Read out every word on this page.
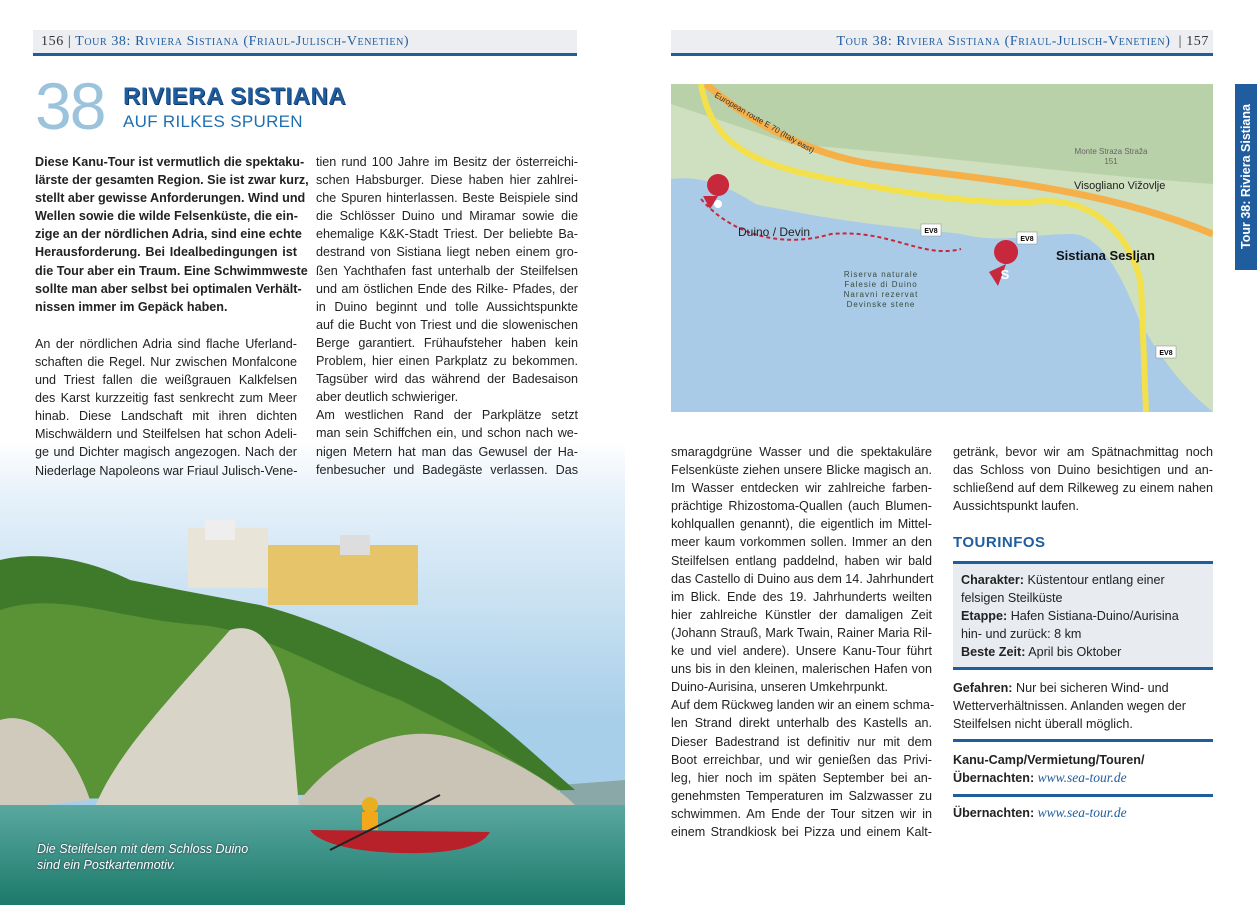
156 | Tour 38: Riviera Sistiana (Friaul-Julisch-Venetien)	Tour 38: Riviera Sistiana (Friaul-Julisch-Venetien)  | 157
38 RIVIERA SISTIANA
AUF RILKES SPUREN
Die Steilfelsen mit dem Schloss Duino
sind ein Postkartenmotiv.
Diese Kanu-Tour ist vermutlich die spektaku-
lärste der gesamten Region. Sie ist zwar kurz,
stellt aber gewisse Anforderungen. Wind und
Wellen sowie die wilde Felsenküste, die ein-
zige an der nördlichen Adria, sind eine echte
Herausforderung. Bei Idealbedingungen ist
die Tour aber ein Traum. Eine Schwimmweste
sollte man aber selbst bei optimalen Verhält-
nissen immer im Gepäck haben.
An der nördlichen Adria sind flache Uferland-
schaften die Regel. Nur zwischen Monfalcone
und Triest fallen die weißgrauen Kalkfelsen
des Karst kurzzeitig fast senkrecht zum Meer
hinab. Diese Landschaft mit ihren dichten
Mischwäldern und Steilfelsen hat schon Adeli-
ge und Dichter magisch angezogen. Nach der
Niederlage Napoleons war Friaul Julisch-Vene-
tien rund 100 Jahre im Besitz der österreichi-
schen Habsburger. Diese haben hier zahlrei-
che Spuren hinterlassen. Beste Beispiele sind
die Schlösser Duino und Miramar sowie die
ehemalige K&K-Stadt Triest. Der beliebte Ba-
destrand von Sistiana liegt neben einem gro-
ßen Yachthafen fast unterhalb der Steilfelsen
und am östlichen Ende des Rilke- Pfades, der
in Duino beginnt und tolle Aussichtspunkte
auf die Bucht von Triest und die slowenischen
Berge garantiert. Frühaufsteher haben kein
Problem, hier einen Parkplatz zu bekommen.
Tagsüber wird das während der Badesaison
aber deutlich schwieriger.
Am westlichen Rand der Parkplätze setzt
man sein Schiffchen ein, und schon nach we-
nigen Metern hat man das Gewusel der Ha-
fenbesucher und Badegäste verlassen. Das
smaragdgrüne Wasser und die spektakuläre
Felsenküste ziehen unsere Blicke magisch an.
Im Wasser entdecken wir zahlreiche farben-
prächtige Rhizostoma-Quallen (auch Blumen-
kohlquallen genannt), die eigentlich im Mittel-
meer kaum vorkommen sollen. Immer an den
Steilfelsen entlang paddelnd, haben wir bald
das Castello di Duino aus dem 14. Jahrhundert
im Blick. Ende des 19. Jahrhunderts weilten
hier zahlreiche Künstler der damaligen Zeit
(Johann Strauß, Mark Twain, Rainer Maria Ril-
ke und viel andere). Unsere Kanu-Tour führt
uns bis in den kleinen, malerischen Hafen von
Duino-Aurisina, unseren Umkehrpunkt.
Auf dem Rückweg landen wir an einem schma-
len Strand direkt unterhalb des Kastells an.
Dieser Badestrand ist definitiv nur mit dem
Boot erreichbar, und wir genießen das Privi-
leg, hier noch im späten September bei an-
genehmsten Temperaturen im Salzwasser zu
schwimmen. Am Ende der Tour sitzen wir in
einem Strandkiosk bei Pizza und einem Kalt-
getränk, bevor wir am Spätnachmittag noch
das Schloss von Duino besichtigen und an-
schließend auf dem Rilkeweg zu einem nahen
Aussichtspunkt laufen.
S
European route E 70 (Italy east)
Duino / Devin
Monte Straza Straža
151
Visogliano Vižovlje
Sistiana Sesljan
EV8
EV8
EV8
Riserva naturale
Falesie di Duino
Naravni rezervat
Devinske stene
Tour 38: Riviera Sistiana
TOURINFOS
Charakter: Küstentour entlang einer felsigen Steilküste
Etappe: Hafen Sistiana-Duino/Aurisina
hin- und zurück: 8 km
Beste Zeit: April bis Oktober
Gefahren: Nur bei sicheren Wind- und Wetterverhältnissen. Anlanden wegen der Steilfelsen nicht überall möglich.
Kanu-Camp/Vermietung/Touren/ Übernachten: www.sea-tour.de
Übernachten: www.sea-tour.de
